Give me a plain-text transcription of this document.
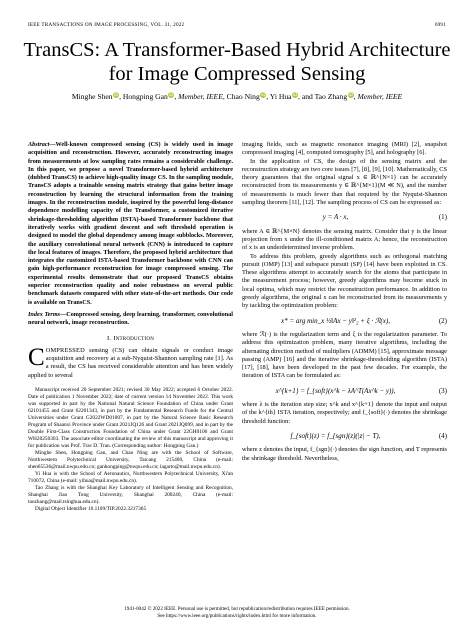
IEEE TRANSACTIONS ON IMAGE PROCESSING, VOL. 31, 2022	6991
TransCS: A Transformer-Based Hybrid Architecture
for Image Compressed Sensing
Minghe SheniD, Hongping GaniD, Member, IEEE, Chao NingiD, Yi HuaiD, and Tao ZhangiD, Member, IEEE
Abstract—Well-known compressed sensing (CS) is widely used in image acquisition and reconstruction. However, accurately reconstructing images from measurements at low sampling rates remains a considerable challenge. In this paper, we propose a novel Transformer-based hybrid architecture (dubbed TransCS) to achieve high-quality image CS. In the sampling module, TransCS adopts a trainable sensing matrix strategy that gains better image reconstruction by learning the structural information from the training images. In the reconstruction module, inspired by the powerful long-distance dependence modelling capacity of the Transformer, a customized iterative shrinkage-thresholding algorithm (ISTA)-based Transformer backbone that iteratively works with gradient descent and soft threshold operation is designed to model the global dependency among image subblocks. Moreover, the auxiliary convolutional neural network (CNN) is introduced to capture the local features of images. Therefore, the proposed hybrid architecture that integrates the customized ISTA-based Transformer backbone with CNN can gain high-performance reconstruction for image compressed sensing. The experimental results demonstrate that our proposed TransCS obtains superior reconstruction quality and noise robustness on several public benchmark datasets compared with other state-of-the-art methods. Our code is available on TransCS.
Index Terms—Compressed sensing, deep learning, transformer, convolutional neural network, image reconstruction.
I. Introduction
COMPRESSED sensing (CS) can obtain signals or conduct image acquisition and recovery at a sub-Nyquist-Shannon sampling rate [1]. As a result, the CS has received considerable attention and has been widely applied to several

Manuscript received 20 September 2021; revised 30 May 2022; accepted 6 October 2022. Date of publication 1 November 2022; date of current version 14 November 2022. This work was supported in part by the National Natural Science Foundation of China under Grant 62101455 and Grant 62201343, in part by the Fundamental Research Funds for the Central Universities under Grant G2022WD01007, in part by the Natural Science Basic Research Program of Shaanxi Province under Grant 2021JQ126 and Grant 2021JQ099, and in part by the Double First-Class Construction Foundation of China under Grant 22GH0106 and Grant WH20250303. The associate editor coordinating the review of this manuscript and approving it for publication was Prof. Trac D. Tran. (Corresponding author: Hongping Gan.)

Minghe Shen, Hongping Gan, and Chao Ning are with the School of Software, Northwestern Polytechnical University, Taicang 215400, China (e-mail: shen65536@mail.nwpu.edu.cn; ganhongping@nwpu.edu.cn; lagarto@mail.nwpu.edu.cn).

Yi Hua is with the School of Aeronautics, Northwestern Polytechnical University, Xi'an 710072, China (e-mail: yihua@mail.nwpu.edu.cn).

Tao Zhang is with the Shanghai Key Laboratory of Intelligent Sensing and Recognition, Shanghai Jiao Tong University, Shanghai 200240, China (e-mail: taozhang@mail.tsinghua.edu.cn).

Digital Object Identifier 10.1109/TIP.2022.3217365

imaging fields, such as magnetic resonance imaging (MRI) [2], snapshot compressed imaging [4], computed tomography [5], and holography [6].

In the application of CS, the design of the sensing matrix and the reconstruction strategy are two core issues [7], [8], [9], [10]. Mathematically, CS theory guarantees that the original signal x ∈ ℝ^{N×1} can be accurately reconstructed from its measurements y ∈ ℝ^{M×1}(M ≪ N), and the number of measurements is much fewer than that required by the Nyquist-Shannon sampling theorem [11], [12]. The sampling process of CS can be expressed as:

y = A · x,	(1)

where A ∈ ℝ^{M×N} denotes the sensing matrix. Consider that y is the linear projection from x under the ill-conditioned matrix A; hence, the reconstruction of x is an underdetermined inverse problem.

To address this problem, greedy algorithms such as orthogonal matching pursuit (OMP) [13] and subspace pursuit (SP) [14] have been exploited in CS. These algorithms attempt to accurately search for the atoms that participate in the measurement process; however, greedy algorithms may become stuck in local optima, which may restrict the reconstruction performance. In addition to greedy algorithms, the original x can be reconstructed from its measurements y by tackling the optimization problem:

x* = arg min_x ½‖Ax − y‖²₂ + ξ · ℛ(x),	(2)

where ℛ(·) is the regularization term and ξ is the regularization parameter. To address this optimization problem, many iterative algorithms, including the alternating direction method of multipliers (ADMM) [15], approximate message passing (AMP) [16] and the iterative shrinkage-thresholding algorithm (ISTA) [17], [18], have been developed in the past few decades. For example, the iteration of ISTA can be formulated as:

x^{k+1} = f_{soft}(x^k − λA^T(Ax^k − y)),	(3)

where λ is the iteration step size; x^k and x^{k+1} denote the input and output of the k^{th} ISTA iteration, respectively; and f_{soft}(·) denotes the shrinkage threshold function:

f_{soft}(z) = f_{sgn}(z)(|z| − T),	(4)

where z denotes the input, f_{sgn}(·) denotes the sign function, and T represents the shrinkage threshold. Nevertheless,

1941-0042 © 2022 IEEE. Personal use is permitted, but republication/redistribution requires IEEE permission.
See https://www.ieee.org/publications/rights/index.html for more information.
